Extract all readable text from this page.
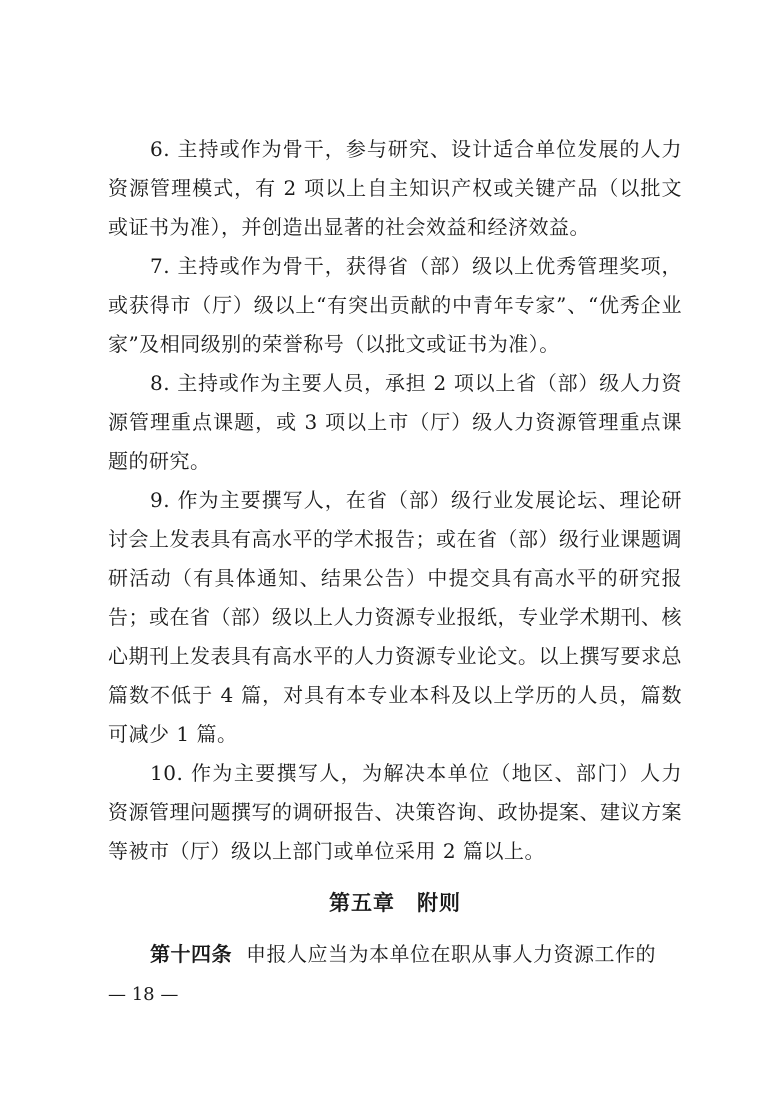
6. 主持或作为骨干，参与研究、设计适合单位发展的人力资源管理模式，有 2 项以上自主知识产权或关键产品（以批文或证书为准），并创造出显著的社会效益和经济效益。

7. 主持或作为骨干，获得省（部）级以上优秀管理奖项，或获得市（厅）级以上“有突出贡献的中青年专家”、“优秀企业家”及相同级别的荣誉称号（以批文或证书为准）。

8. 主持或作为主要人员，承担 2 项以上省（部）级人力资源管理重点课题，或 3 项以上市（厅）级人力资源管理重点课题的研究。

9. 作为主要撰写人，在省（部）级行业发展论坛、理论研讨会上发表具有高水平的学术报告；或在省（部）级行业课题调研活动（有具体通知、结果公告）中提交具有高水平的研究报告；或在省（部）级以上人力资源专业报纸，专业学术期刊、核心期刊上发表具有高水平的人力资源专业论文。以上撰写要求总篇数不低于 4 篇，对具有本专业本科及以上学历的人员，篇数可减少 1 篇。

10. 作为主要撰写人，为解决本单位（地区、部门）人力资源管理问题撰写的调研报告、决策咨询、政协提案、建议方案等被市（厅）级以上部门或单位采用 2 篇以上。

第五章 附则

第十四条 申报人应当为本单位在职从事人力资源工作的

— 18 —
